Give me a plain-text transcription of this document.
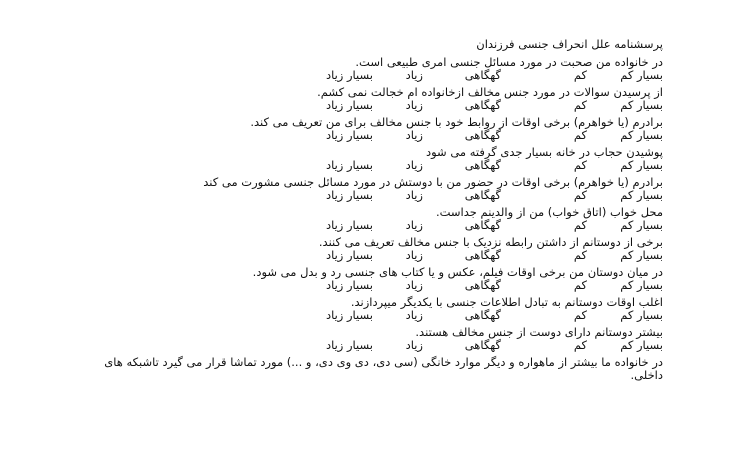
پرسشنامه علل انحراف جنسی فرزندان
در خانواده من صحبت در مورد مسائل جنسی امری طبیعی است.
بسیار کمکمگهگاهیزیادبسیار زیاد
از پرسیدن سوالات در مورد جنس مخالف ازخانواده ام خجالت نمی کشم.
بسیار کمکمگهگاهیزیادبسیار زیاد
برادرم (یا خواهرم) برخی اوقات از روابط خود با جنس مخالف برای من تعریف می کند.
بسیار کمکمگهگاهیزیادبسیار زیاد
پوشیدن حجاب در خانه بسیار جدی گرفته می شود
بسیار کمکمگهگاهیزیادبسیار زیاد
برادرم (یا خواهرم) برخی اوقات در حضور من با دوستش در مورد مسائل جنسی مشورت می کند
بسیار کمکمگهگاهیزیادبسیار زیاد
محل خواب (اتاق خواب) من از والدینم جداست.
بسیار کمکمگهگاهیزیادبسیار زیاد
برخی از دوستانم از داشتن رابطه نزدیک با جنس مخالف تعریف می کنند.
بسیار کمکمگهگاهیزیادبسیار زیاد
در میان دوستان من برخی اوقات فیلم، عکس و یا کتاب های جنسی رد و بدل می شود.
بسیار کمکمگهگاهیزیادبسیار زیاد
اغلب اوقات دوستانم به تبادل اطلاعات جنسی با یکدیگر میپردازند.
بسیار کمکمگهگاهیزیادبسیار زیاد
بیشتر دوستانم دارای دوست از جنس مخالف هستند.
بسیار کمکمگهگاهیزیادبسیار زیاد
در خانواده ما بیشتر از ماهواره و دیگر موارد خانگی (سی دی، دی وی دی، و ...) مورد تماشا قرار می گیرد تاشبکه های داخلی.
